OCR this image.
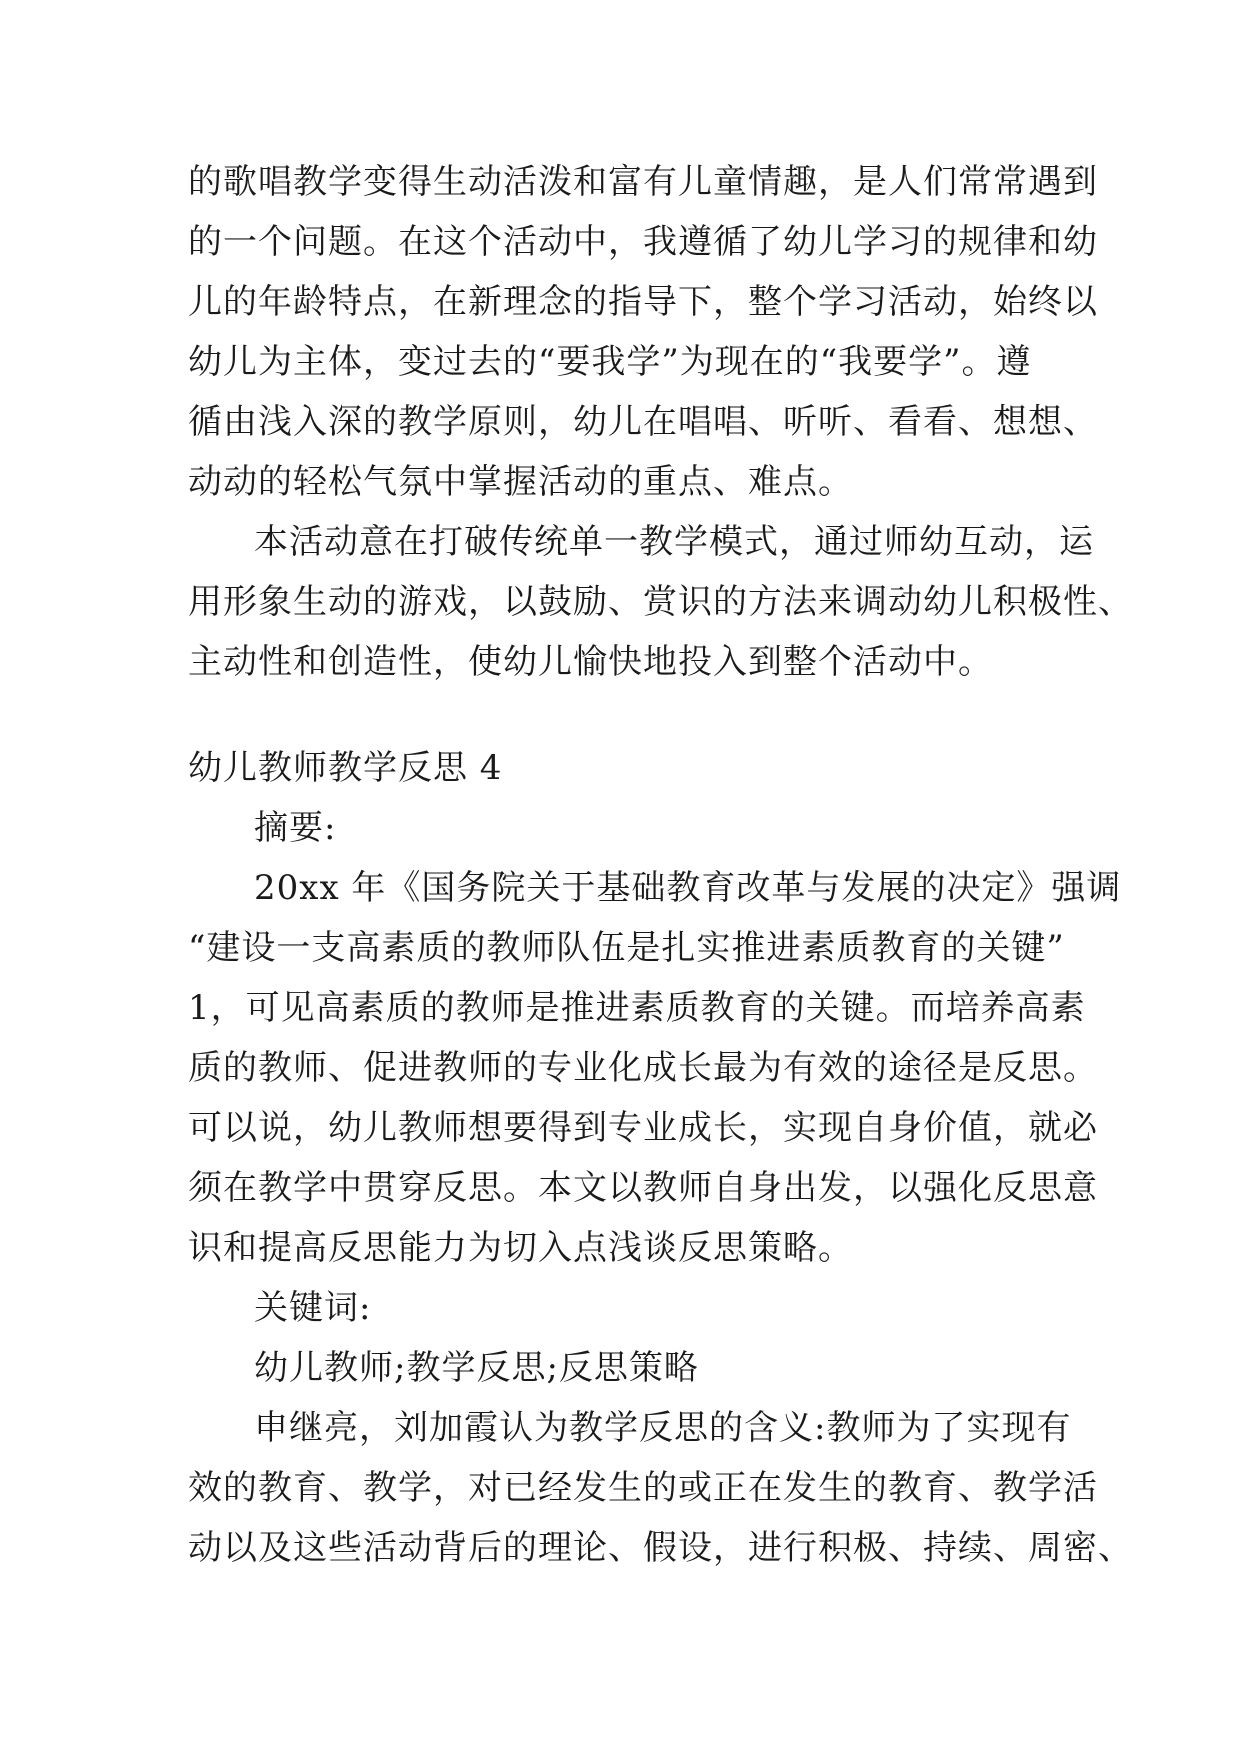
的歌唱教学变得生动活泼和富有儿童情趣，是人们常常遇到
的一个问题。在这个活动中，我遵循了幼儿学习的规律和幼
儿的年龄特点，在新理念的指导下，整个学习活动，始终以
幼儿为主体，变过去的“要我学”为现在的“我要学”。遵
循由浅入深的教学原则，幼儿在唱唱、听听、看看、想想、
动动的轻松气氛中掌握活动的重点、难点。
本活动意在打破传统单一教学模式，通过师幼互动，运
用形象生动的游戏，以鼓励、赏识的方法来调动幼儿积极性、
主动性和创造性，使幼儿愉快地投入到整个活动中。
幼儿教师教学反思 4
摘要:
20xx 年《国务院关于基础教育改革与发展的决定》强调
“建设一支高素质的教师队伍是扎实推进素质教育的关键”
1，可见高素质的教师是推进素质教育的关键。而培养高素
质的教师、促进教师的专业化成长最为有效的途径是反思。
可以说，幼儿教师想要得到专业成长，实现自身价值，就必
须在教学中贯穿反思。本文以教师自身出发，以强化反思意
识和提高反思能力为切入点浅谈反思策略。
关键词:
幼儿教师;教学反思;反思策略
申继亮，刘加霞认为教学反思的含义:教师为了实现有
效的教育、教学，对已经发生的或正在发生的教育、教学活
动以及这些活动背后的理论、假设，进行积极、持续、周密、
